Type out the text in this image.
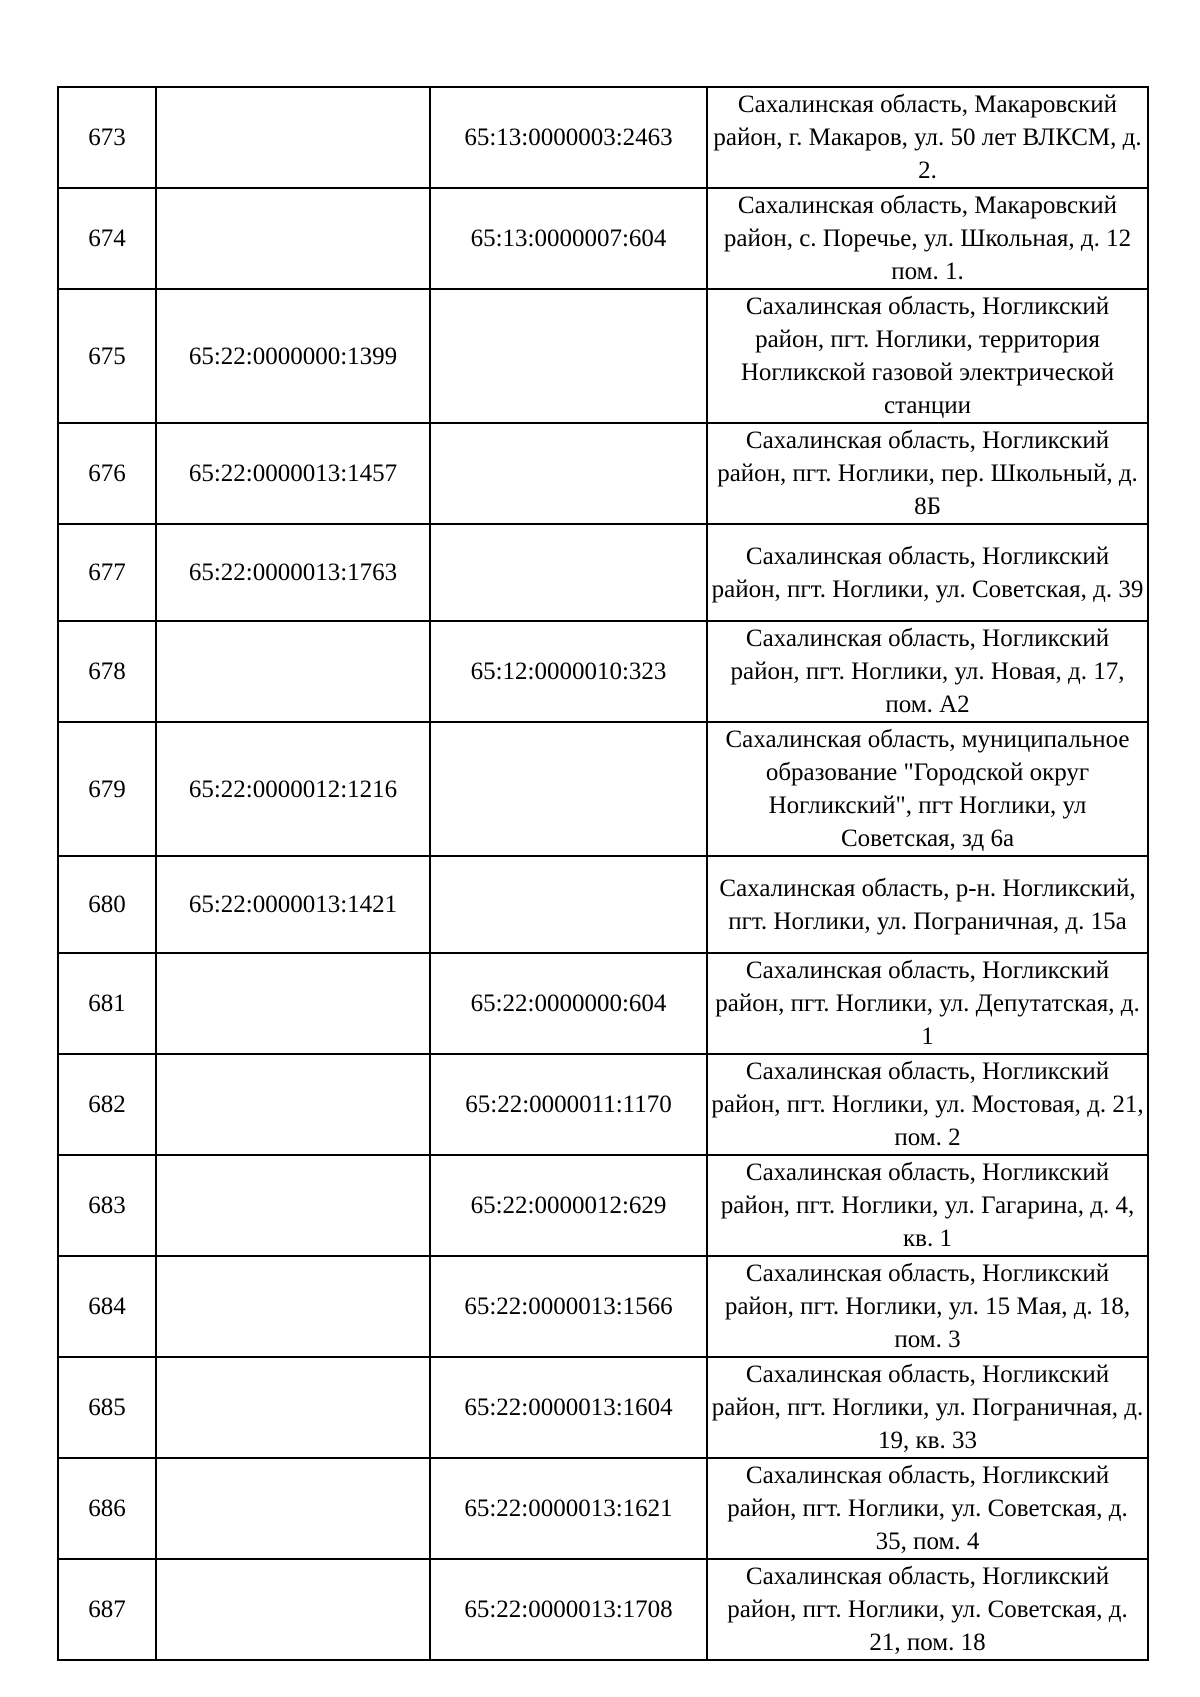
673		65:13:0000003:2463	Сахалинская область, Макаровский район, г. Макаров, ул. 50 лет ВЛКСМ, д. 2.
674		65:13:0000007:604	Сахалинская область, Макаровский район, с. Поречье, ул. Школьная, д. 12 пом. 1.
675	65:22:0000000:1399		Сахалинская область, Ногликский район, пгт. Ноглики, территория Ногликской газовой электрической станции
676	65:22:0000013:1457		Сахалинская область, Ногликский район, пгт. Ноглики, пер. Школьный, д. 8Б
677	65:22:0000013:1763		Сахалинская область, Ногликский район, пгт. Ноглики, ул. Советская, д. 39
678		65:12:0000010:323	Сахалинская область, Ногликский район, пгт. Ноглики, ул. Новая, д. 17, пом. А2
679	65:22:0000012:1216		Сахалинская область, муниципальное образование "Городской округ Ногликский", пгт Ноглики, ул Советская, зд 6а
680	65:22:0000013:1421		Сахалинская область, р-н. Ногликский, пгт. Ноглики, ул. Пограничная, д. 15а
681		65:22:0000000:604	Сахалинская область, Ногликский район, пгт. Ноглики, ул. Депутатская, д. 1
682		65:22:0000011:1170	Сахалинская область, Ногликский район, пгт. Ноглики, ул. Мостовая, д. 21, пом. 2
683		65:22:0000012:629	Сахалинская область, Ногликский район, пгт. Ноглики, ул. Гагарина, д. 4, кв. 1
684		65:22:0000013:1566	Сахалинская область, Ногликский район, пгт. Ноглики, ул. 15 Мая, д. 18, пом. 3
685		65:22:0000013:1604	Сахалинская область, Ногликский район, пгт. Ноглики, ул. Пограничная, д. 19, кв. 33
686		65:22:0000013:1621	Сахалинская область, Ногликский район, пгт. Ноглики, ул. Советская, д. 35, пом. 4
687		65:22:0000013:1708	Сахалинская область, Ногликский район, пгт. Ноглики, ул. Советская, д. 21, пом. 18
